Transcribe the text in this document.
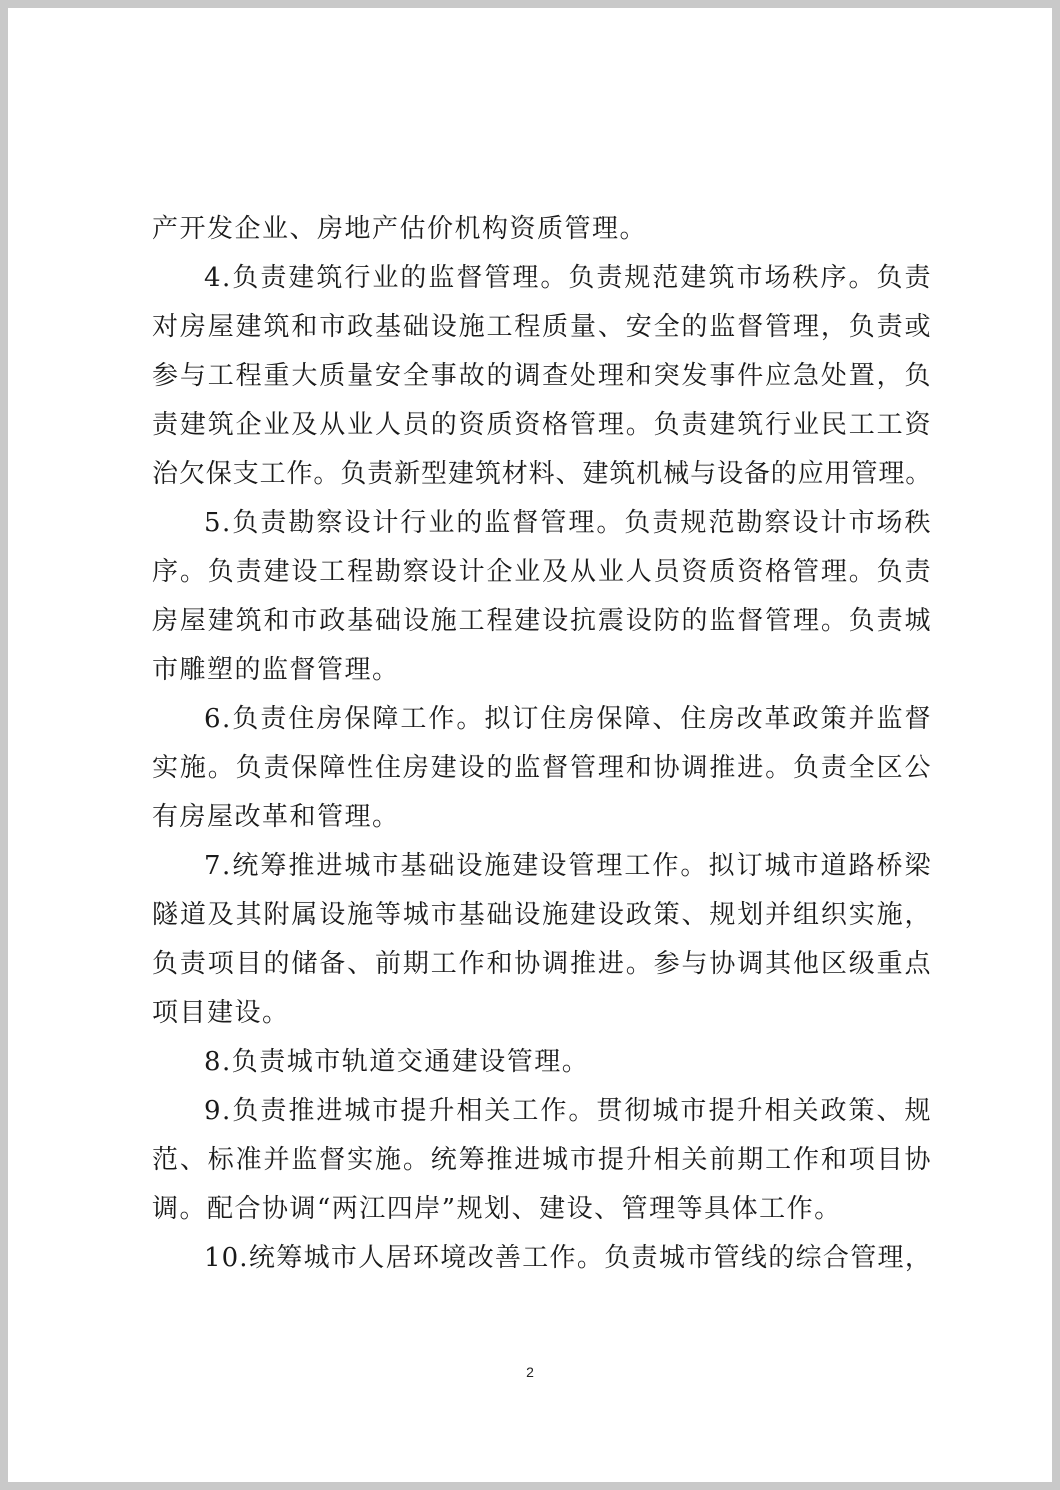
产开发企业、房地产估价机构资质管理。
4.负责建筑行业的监督管理。负责规范建筑市场秩序。负责
对房屋建筑和市政基础设施工程质量、安全的监督管理，负责或
参与工程重大质量安全事故的调查处理和突发事件应急处置，负
责建筑企业及从业人员的资质资格管理。负责建筑行业民工工资
治欠保支工作。负责新型建筑材料、建筑机械与设备的应用管理。
5.负责勘察设计行业的监督管理。负责规范勘察设计市场秩
序。负责建设工程勘察设计企业及从业人员资质资格管理。负责
房屋建筑和市政基础设施工程建设抗震设防的监督管理。负责城
市雕塑的监督管理。
6.负责住房保障工作。拟订住房保障、住房改革政策并监督
实施。负责保障性住房建设的监督管理和协调推进。负责全区公
有房屋改革和管理。
7.统筹推进城市基础设施建设管理工作。拟订城市道路桥梁
隧道及其附属设施等城市基础设施建设政策、规划并组织实施，
负责项目的储备、前期工作和协调推进。参与协调其他区级重点
项目建设。
8.负责城市轨道交通建设管理。
9.负责推进城市提升相关工作。贯彻城市提升相关政策、规
范、标准并监督实施。统筹推进城市提升相关前期工作和项目协
调。配合协调“两江四岸”规划、建设、管理等具体工作。
10.统筹城市人居环境改善工作。负责城市管线的综合管理，
2
